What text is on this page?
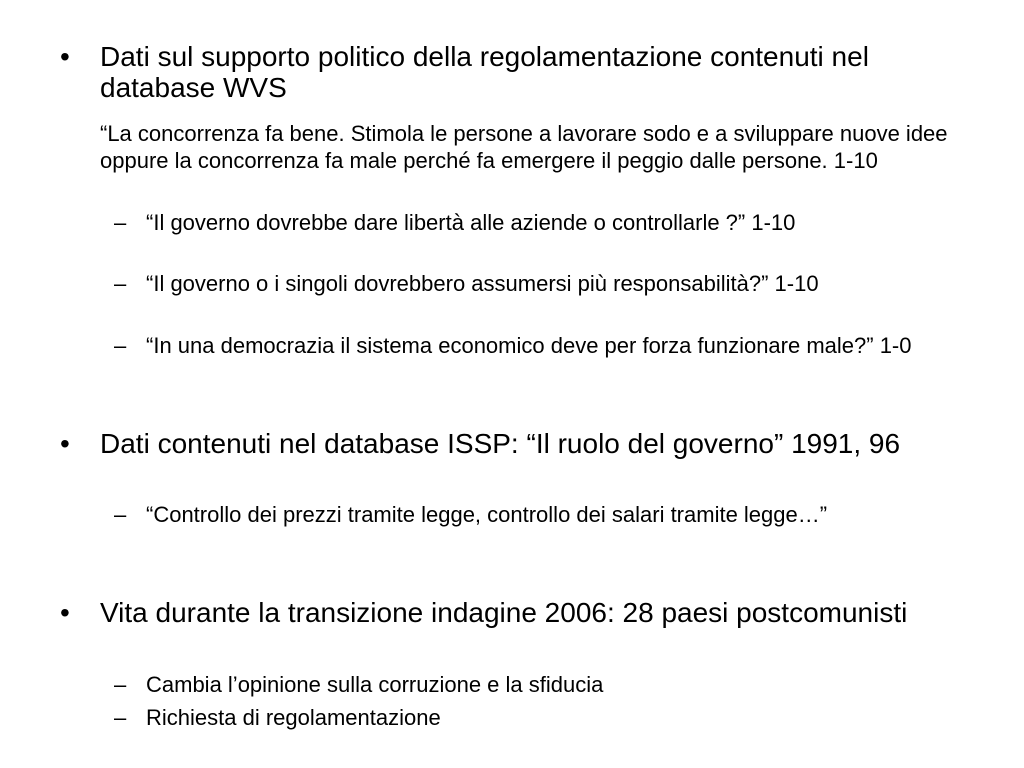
• Dati sul supporto politico della regolamentazione contenuti nel database WVS
“La concorrenza fa bene. Stimola le persone a lavorare sodo e a sviluppare nuove idee oppure la concorrenza fa male perché fa emergere il peggio dalle persone. 1-10
– “Il governo dovrebbe dare libertà alle aziende o controllarle ?” 1-10
– “Il governo o i singoli dovrebbero assumersi più responsabilità?” 1-10
– “In una democrazia il sistema economico deve per forza funzionare male?” 1-0
• Dati contenuti nel database ISSP: “Il ruolo del governo” 1991, 96
– “Controllo dei prezzi tramite legge, controllo dei salari tramite legge…”
• Vita durante la transizione indagine 2006: 28 paesi postcomunisti
– Cambia l’opinione sulla corruzione e la sfiducia
– Richiesta di regolamentazione
